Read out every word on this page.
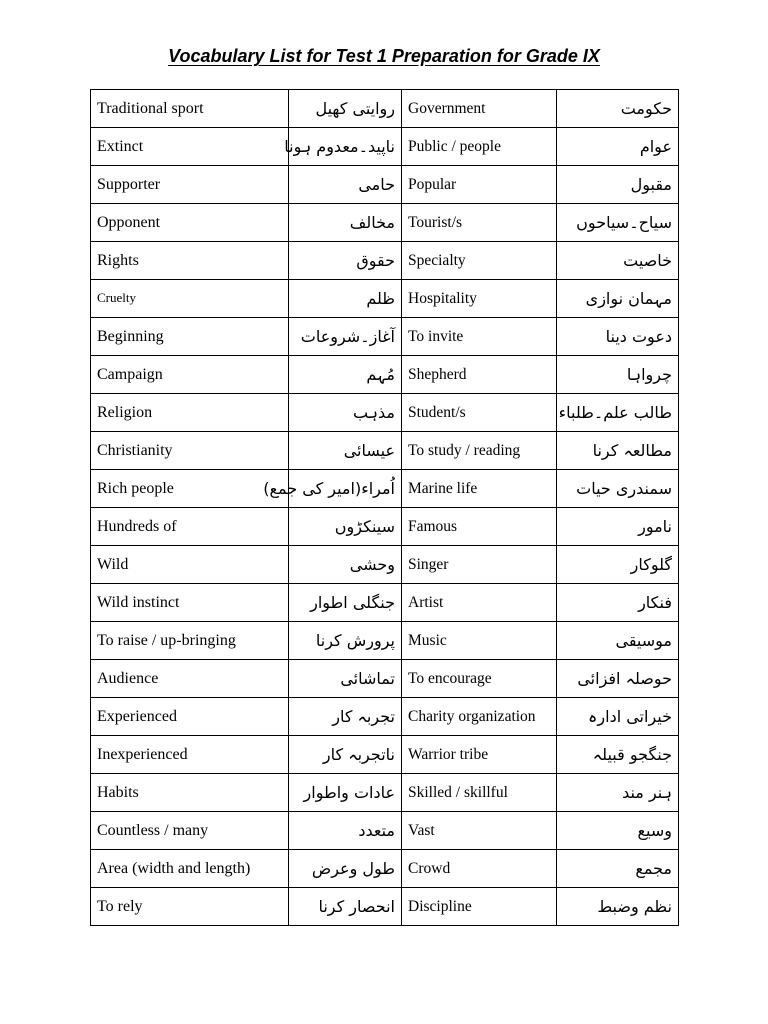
Vocabulary List for Test 1 Preparation for Grade IX
Traditional sport	روایتی کھیل	Government	حکومت
Extinct	ناپید۔معدوم ہونا	Public / people	عوام
Supporter	حامی	Popular	مقبول
Opponent	مخالف	Tourist/s	سیاح۔سیاحوں
Rights	حقوق	Specialty	خاصیت
Cruelty	ظلم	Hospitality	مہمان نوازی
Beginning	آغاز۔شروعات	To invite	دعوت دینا
Campaign	مُہم	Shepherd	چرواہا
Religion	مذہب	Student/s	طالب علم۔طلباء
Christianity	عیسائی	To study / reading	مطالعہ کرنا
Rich people	اُمراء(امیر کی جمع)	Marine life	سمندری حیات
Hundreds of	سینکڑوں	Famous	نامور
Wild	وحشی	Singer	گلوکار
Wild instinct	جنگلی اطوار	Artist	فنکار
To raise / up-bringing	پرورش کرنا	Music	موسیقی
Audience	تماشائی	To encourage	حوصلہ افزائی
Experienced	تجربہ کار	Charity organization	خیراتی ادارہ
Inexperienced	ناتجربہ کار	Warrior tribe	جنگجو قبیلہ
Habits	عادات واطوار	Skilled / skillful	ہنر مند
Countless / many	متعدد	Vast	وسیع
Area (width and length)	طول وعرض	Crowd	مجمع
To rely	انحصار کرنا	Discipline	نظم وضبط
